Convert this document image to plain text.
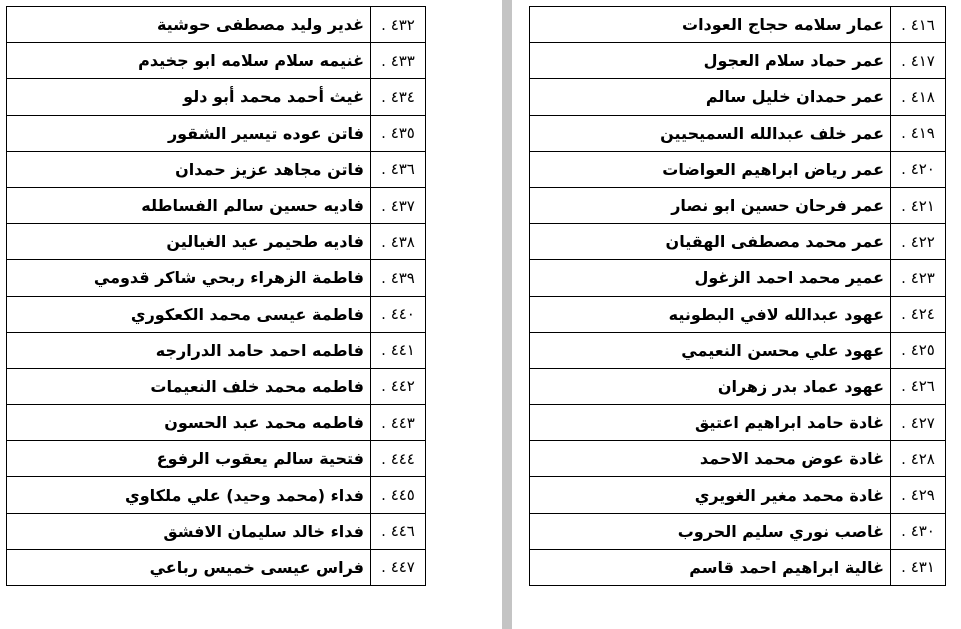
٤٣٢ .	غدير وليد مصطفى حوشية
٤٣٣ .	غنيمه سلام سلامه ابو جخيدم
٤٣٤ .	غيث أحمد محمد أبو دلو
٤٣٥ .	فاتن عوده تيسير الشقور
٤٣٦ .	فاتن مجاهد عزيز حمدان
٤٣٧ .	فاديه حسين سالم الفساطله
٤٣٨ .	فاديه طحيمر عيد الغيالين
٤٣٩ .	فاطمة الزهراء ربحي شاكر قدومي
٤٤٠ .	فاطمة عيسى محمد الكعكوري
٤٤١ .	فاطمه احمد حامد الدرارجه
٤٤٢ .	فاطمه محمد خلف النعيمات
٤٤٣ .	فاطمه محمد عبد الحسون
٤٤٤ .	فتحية سالم يعقوب الرفوع
٤٤٥ .	فداء (محمد وحيد) علي ملكاوي
٤٤٦ .	فداء خالد سليمان الافشق
٤٤٧ .	فراس عيسى خميس رباعي
٤١٦ .	عمار سلامه حجاج العودات
٤١٧ .	عمر حماد سلام العجول
٤١٨ .	عمر حمدان خليل سالم
٤١٩ .	عمر خلف عبدالله السميحيين
٤٢٠ .	عمر رياض ابراهيم العواضات
٤٢١ .	عمر فرحان حسين ابو نصار
٤٢٢ .	عمر محمد مصطفى الهقيان
٤٢٣ .	عمير محمد احمد الزغول
٤٢٤ .	عهود عبدالله لافي البطونيه
٤٢٥ .	عهود علي محسن النعيمي
٤٢٦ .	عهود عماد بدر زهران
٤٢٧ .	غادة حامد ابراهيم اعتيق
٤٢٨ .	غادة عوض محمد الاحمد
٤٢٩ .	غادة محمد مغير الغويري
٤٣٠ .	غاصب نوري سليم الحروب
٤٣١ .	غالية ابراهيم احمد قاسم
